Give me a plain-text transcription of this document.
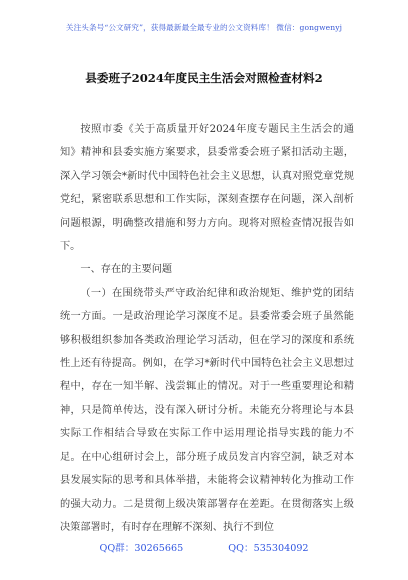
关注头条号“公文研究”，获得最新最全最专业的公文资料库！ 微信：gongwenyj
县委班子2024年度民主生活会对照检查材料2

按照市委《关于高质量开好2024年度专题民主生活会的通知》精神和县委实施方案要求，县委常委会班子紧扣活动主题，深入学习领会*新时代中国特色社会主义思想，认真对照党章党规党纪，紧密联系思想和工作实际，深刻查摆存在问题，深入剖析问题根源，明确整改措施和努力方向。现将对照检查情况报告如下。

一、存在的主要问题

（一）在围绕带头严守政治纪律和政治规矩、维护党的团结统一方面。一是政治理论学习深度不足。县委常委会班子虽然能够积极组织参加各类政治理论学习活动，但在学习的深度和系统性上还有待提高。例如，在学习*新时代中国特色社会主义思想过程中，存在一知半解、浅尝辄止的情况。对于一些重要理论和精神，只是简单传达，没有深入研讨分析。未能充分将理论与本县实际工作相结合导致在实际工作中运用理论指导实践的能力不足。在中心组研讨会上，部分班子成员发言内容空洞，缺乏对本县发展实际的思考和具体举措，未能将会议精神转化为推动工作的强大动力。二是贯彻上级决策部署存在差距。在贯彻落实上级决策部署时，有时存在理解不深刻、执行不到位

QQ群：30265665	QQ：535304092
